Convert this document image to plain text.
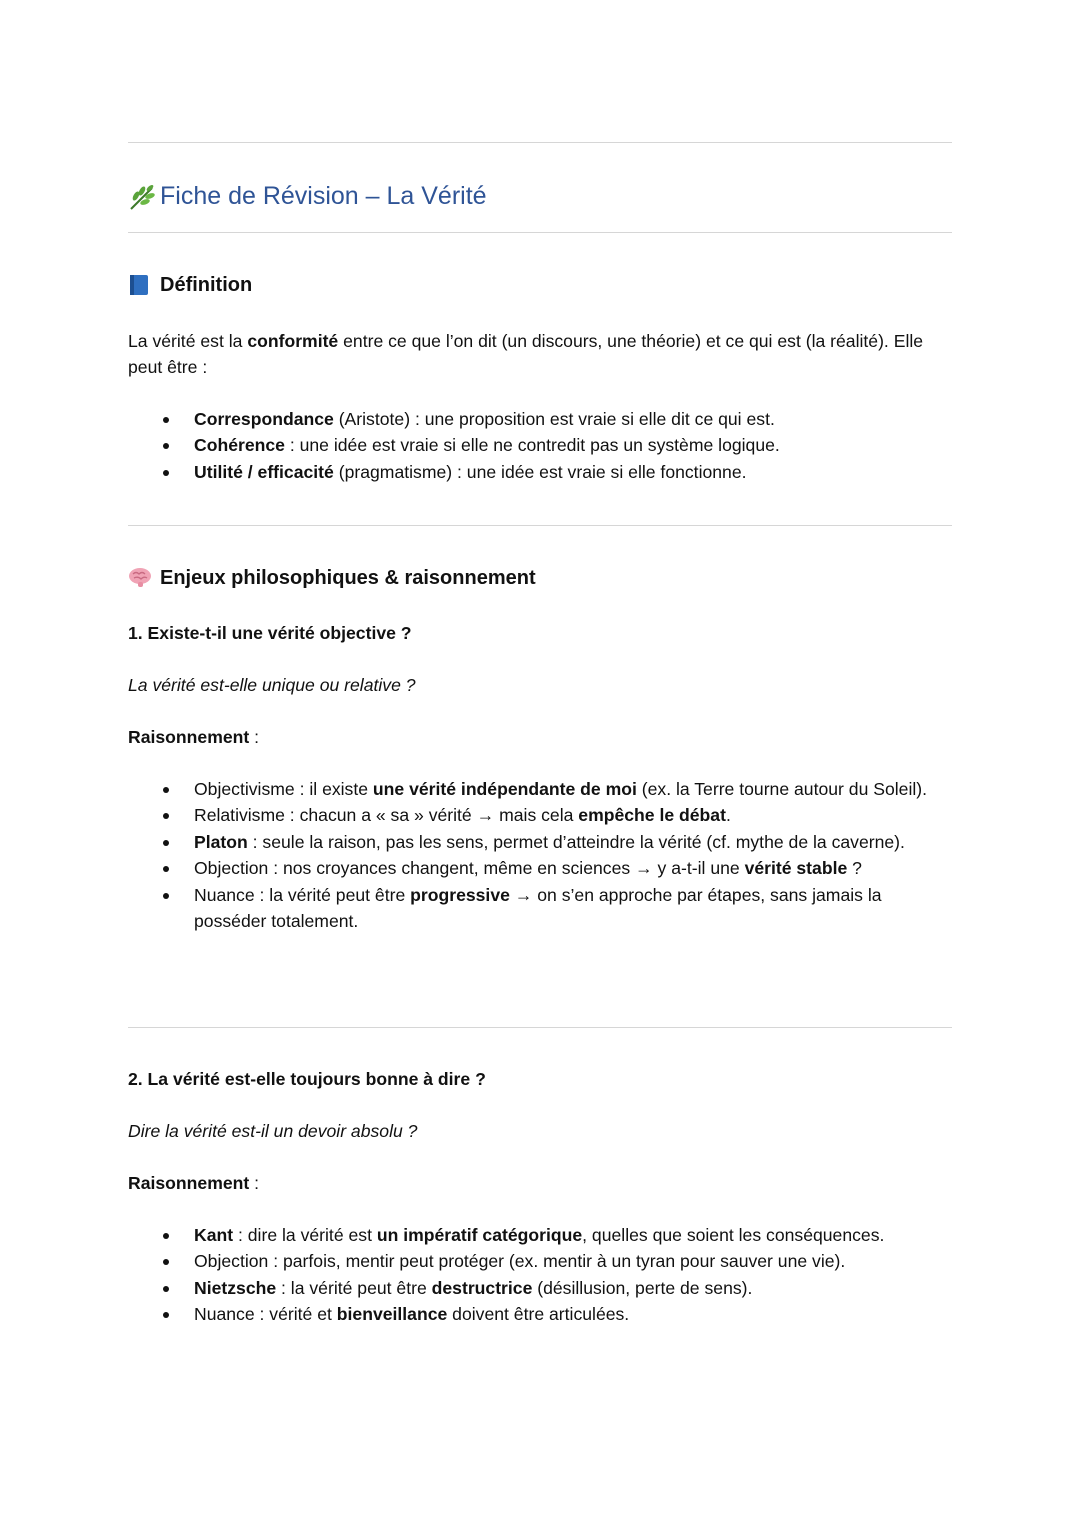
Fiche de Révision – La Vérité
Définition

La vérité est la conformité entre ce que l’on dit (un discours, une théorie) et ce qui est (la réalité). Elle peut être :

Correspondance (Aristote) : une proposition est vraie si elle dit ce qui est.
Cohérence : une idée est vraie si elle ne contredit pas un système logique.
Utilité / efficacité (pragmatisme) : une idée est vraie si elle fonctionne.
Enjeux philosophiques & raisonnement
1. Existe-t-il une vérité objective ?

La vérité est-elle unique ou relative ?

Raisonnement :

Objectivisme : il existe une vérité indépendante de moi (ex. la Terre tourne autour du Soleil).
Relativisme : chacun a « sa » vérité → mais cela empêche le débat.
Platon : seule la raison, pas les sens, permet d’atteindre la vérité (cf. mythe de la caverne).
Objection : nos croyances changent, même en sciences → y a-t-il une vérité stable ?
Nuance : la vérité peut être progressive → on s’en approche par étapes, sans jamais la posséder totalement.
2. La vérité est-elle toujours bonne à dire ?

Dire la vérité est-il un devoir absolu ?

Raisonnement :

Kant : dire la vérité est un impératif catégorique, quelles que soient les conséquences.
Objection : parfois, mentir peut protéger (ex. mentir à un tyran pour sauver une vie).
Nietzsche : la vérité peut être destructrice (désillusion, perte de sens).
Nuance : vérité et bienveillance doivent être articulées.
